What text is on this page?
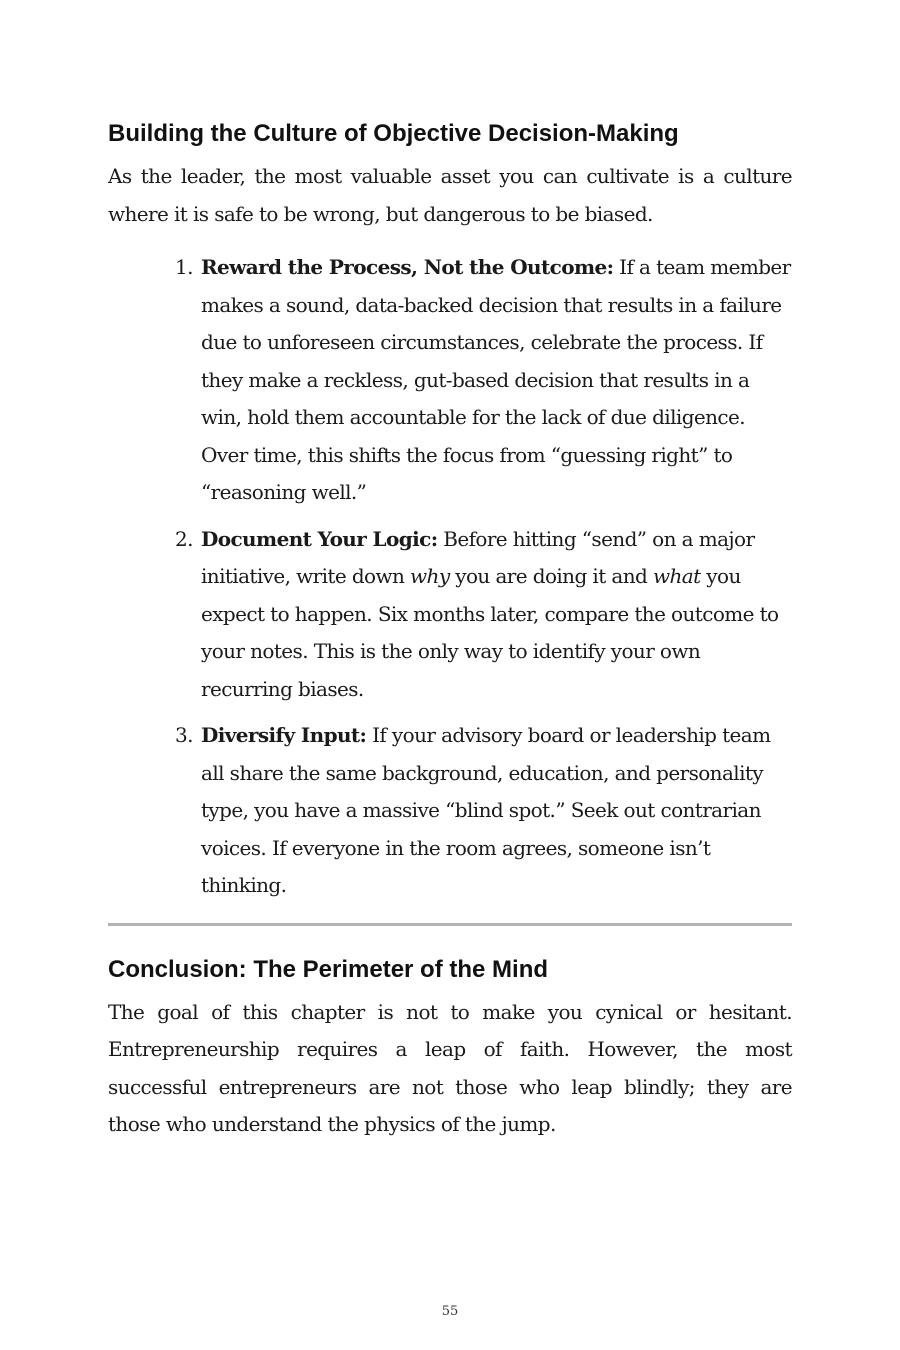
Building the Culture of Objective Decision-Making

As the leader, the most valuable asset you can cultivate is a culture where it is safe to be wrong, but dangerous to be biased.

1. Reward the Process, Not the Outcome: If a team member makes a sound, data-backed decision that results in a failure due to unforeseen circumstances, celebrate the process. If they make a reckless, gut-based decision that results in a win, hold them accountable for the lack of due diligence. Over time, this shifts the focus from “guessing right” to “reasoning well.”
2. Document Your Logic: Before hitting “send” on a major initiative, write down why you are doing it and what you expect to happen. Six months later, compare the outcome to your notes. This is the only way to identify your own recurring biases.
3. Diversify Input: If your advisory board or leadership team all share the same background, education, and personality type, you have a massive “blind spot.” Seek out contrarian voices. If everyone in the room agrees, someone isn’t thinking.
Conclusion: The Perimeter of the Mind

The goal of this chapter is not to make you cynical or hesitant. Entrepreneurship requires a leap of faith. However, the most successful entrepreneurs are not those who leap blindly; they are those who understand the physics of the jump.

55
